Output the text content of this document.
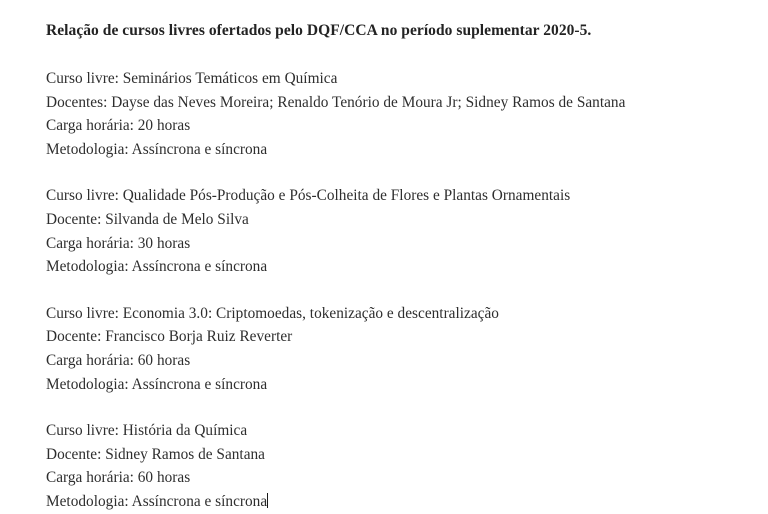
Relação de cursos livres ofertados pelo DQF/CCA no período suplementar 2020-5.

Curso livre: Seminários Temáticos em Química

Docentes: Dayse das Neves Moreira; Renaldo Tenório de Moura Jr; Sidney Ramos de Santana

Carga horária: 20 horas

Metodologia: Assíncrona e síncrona

Curso livre: Qualidade Pós-Produção e Pós-Colheita de Flores e Plantas Ornamentais

Docente: Silvanda de Melo Silva

Carga horária: 30 horas

Metodologia: Assíncrona e síncrona

Curso livre: Economia 3.0: Criptomoedas, tokenização e descentralização

Docente: Francisco Borja Ruiz Reverter

Carga horária: 60 horas

Metodologia: Assíncrona e síncrona

Curso livre: História da Química

Docente: Sidney Ramos de Santana

Carga horária: 60 horas

Metodologia: Assíncrona e síncrona
